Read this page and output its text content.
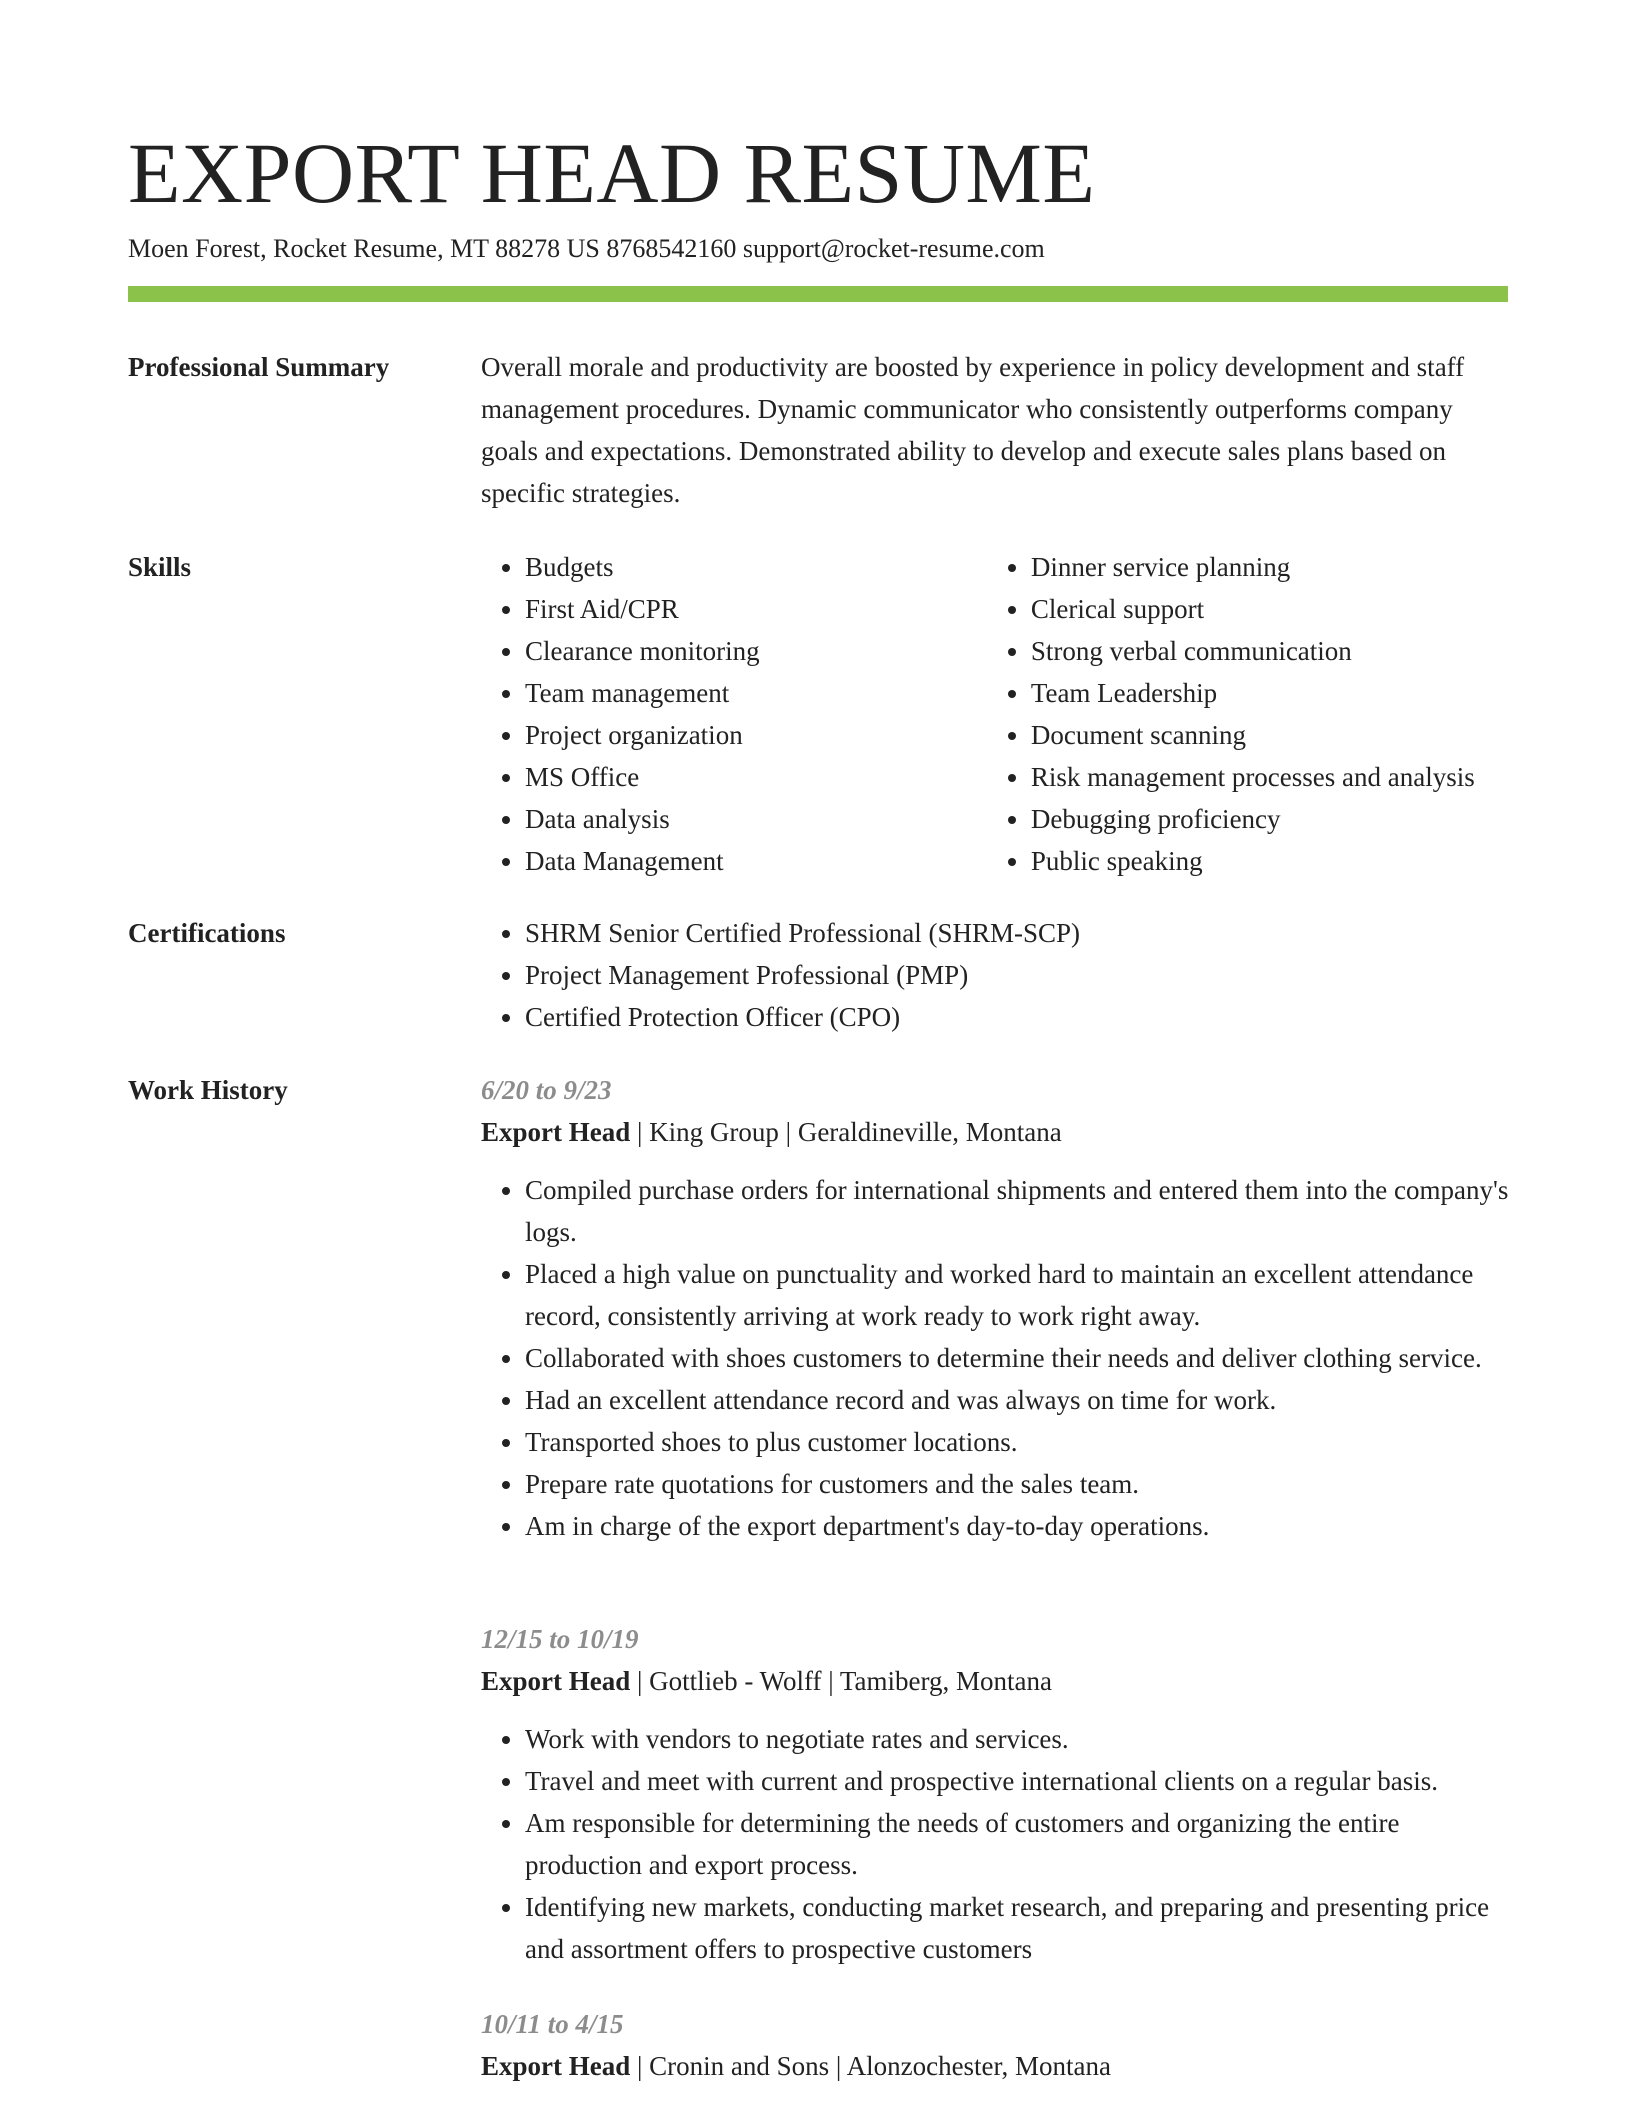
EXPORT HEAD RESUME
Moen Forest, Rocket Resume, MT 88278 US 8768542160 support@rocket-resume.com
Professional Summary	Overall morale and productivity are boosted by experience in policy development and staff management procedures. Dynamic communicator who consistently outperforms company goals and expectations. Demonstrated ability to develop and execute sales plans based on specific strategies.

Skills	• Budgets
• First Aid/CPR
• Clearance monitoring
• Team management
• Project organization
• MS Office
• Data analysis
• Data Management
• Dinner service planning
• Clerical support
• Strong verbal communication
• Team Leadership
• Document scanning
• Risk management processes and analysis
• Debugging proficiency
• Public speaking
Certifications	• SHRM Senior Certified Professional (SHRM-SCP)
• Project Management Professional (PMP)
• Certified Protection Officer (CPO)
Work History	6/20 to 9/23
Export Head | King Group | Geraldineville, Montana
• Compiled purchase orders for international shipments and entered them into the company's logs.
• Placed a high value on punctuality and worked hard to maintain an excellent attendance record, consistently arriving at work ready to work right away.
• Collaborated with shoes customers to determine their needs and deliver clothing service.
• Had an excellent attendance record and was always on time for work.
• Transported shoes to plus customer locations.
• Prepare rate quotations for customers and the sales team.
• Am in charge of the export department's day-to-day operations.
12/15 to 10/19
Export Head | Gottlieb - Wolff | Tamiberg, Montana
• Work with vendors to negotiate rates and services.
• Travel and meet with current and prospective international clients on a regular basis.
• Am responsible for determining the needs of customers and organizing the entire production and export process.
• Identifying new markets, conducting market research, and preparing and presenting price and assortment offers to prospective customers
10/11 to 4/15
Export Head | Cronin and Sons | Alonzochester, Montana
